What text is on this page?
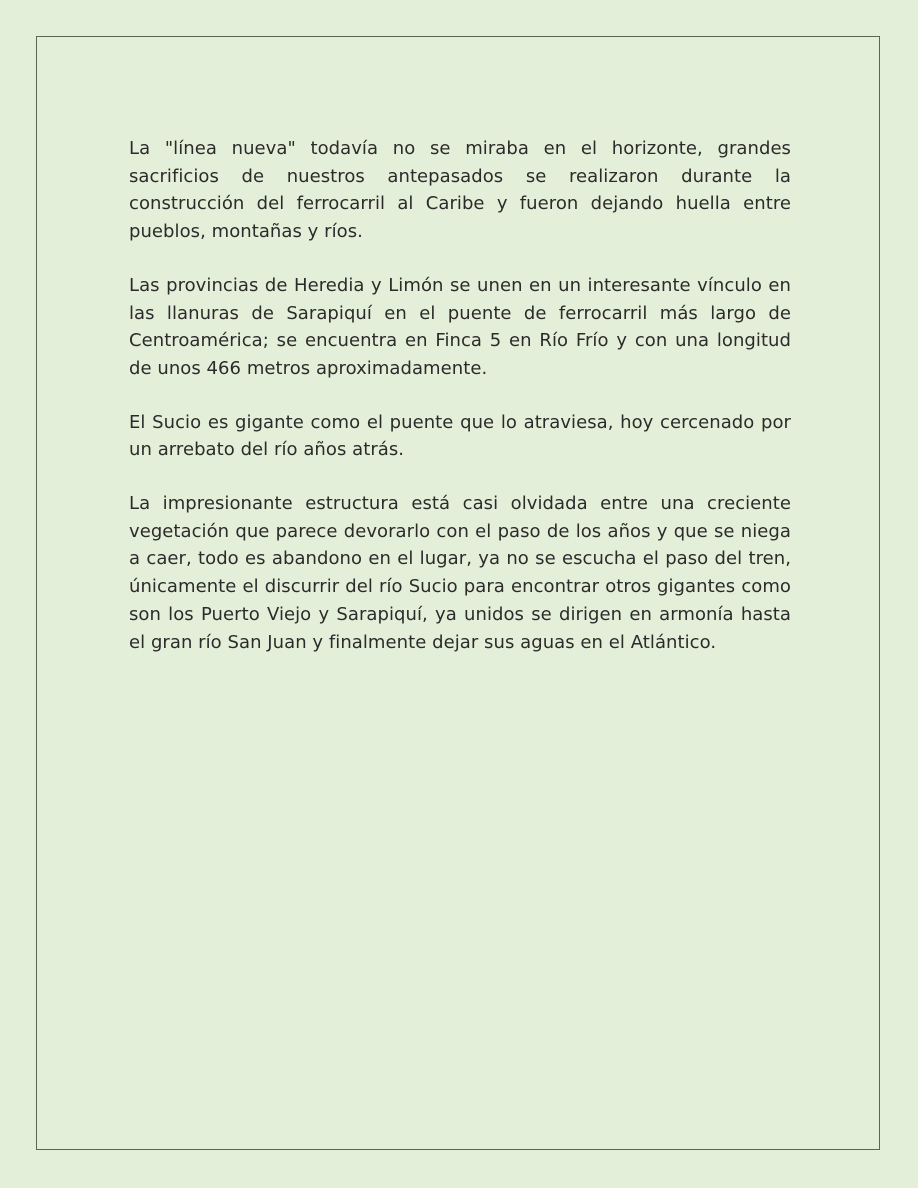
La "línea nueva" todavía no se miraba en el horizonte, grandes sacrificios de nuestros antepasados se realizaron durante la construcción del ferrocarril al Caribe y fueron dejando huella entre pueblos, montañas y ríos.

Las provincias de Heredia y Limón se unen en un interesante vínculo en las llanuras de Sarapiquí en el puente de ferrocarril más largo de Centroamérica; se encuentra en Finca 5 en Río Frío y con una longitud de unos 466 metros aproximadamente.

El Sucio es gigante como el puente que lo atraviesa, hoy cercenado por un arrebato del río años atrás.

La impresionante estructura está casi olvidada entre una creciente vegetación que parece devorarlo con el paso de los años y que se niega a caer, todo es abandono en el lugar, ya no se escucha el paso del tren, únicamente el discurrir del río Sucio para encontrar otros gigantes como son los Puerto Viejo y Sarapiquí, ya unidos se dirigen en armonía hasta el gran río San Juan y finalmente dejar sus aguas en el Atlántico.
